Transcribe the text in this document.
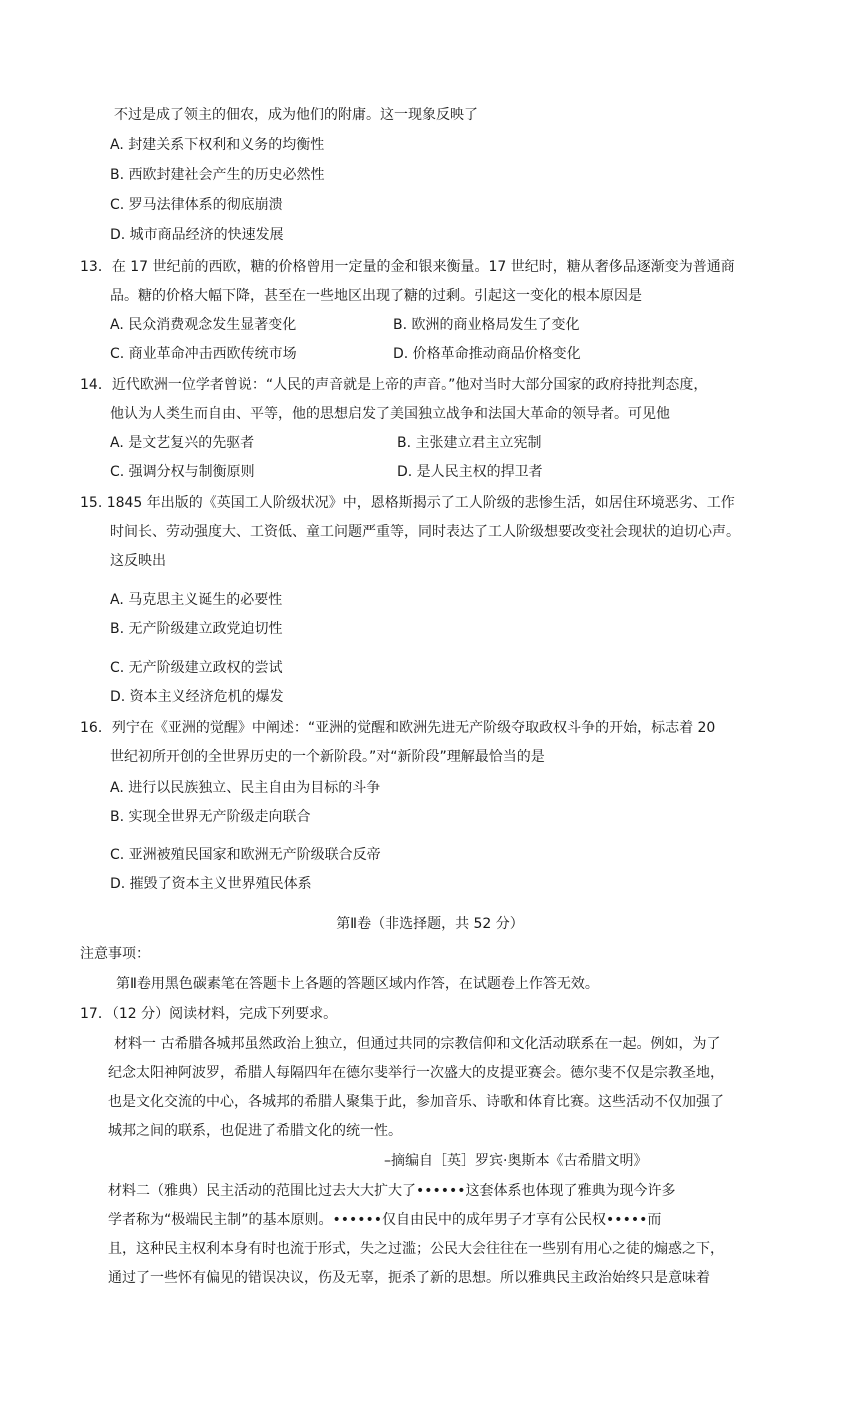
不过是成了领主的佃农，成为他们的附庸。这一现象反映了
A. 封建关系下权利和义务的均衡性
B. 西欧封建社会产生的历史必然性
C. 罗马法律体系的彻底崩溃
D. 城市商品经济的快速发展
13．在 17 世纪前的西欧，糖的价格曾用一定量的金和银来衡量。17 世纪时，糖从奢侈品逐渐变为普通商
品。糖的价格大幅下降，甚至在一些地区出现了糖的过剩。引起这一变化的根本原因是
A. 民众消费观念发生显著变化	B. 欧洲的商业格局发生了变化
C. 商业革命冲击西欧传统市场	D. 价格革命推动商品价格变化
14．近代欧洲一位学者曾说：“人民的声音就是上帝的声音。”他对当时大部分国家的政府持批判态度，
他认为人类生而自由、平等，他的思想启发了美国独立战争和法国大革命的领导者。可见他
A. 是文艺复兴的先驱者	B. 主张建立君主立宪制
C. 强调分权与制衡原则	D. 是人民主权的捍卫者
15. 1845 年出版的《英国工人阶级状况》中，恩格斯揭示了工人阶级的悲惨生活，如居住环境恶劣、工作
时间长、劳动强度大、工资低、童工问题严重等，同时表达了工人阶级想要改变社会现状的迫切心声。
这反映出
A. 马克思主义诞生的必要性
B. 无产阶级建立政党迫切性
C. 无产阶级建立政权的尝试
D. 资本主义经济危机的爆发
16．列宁在《亚洲的觉醒》中阐述：“亚洲的觉醒和欧洲先进无产阶级夺取政权斗争的开始，标志着 20
世纪初所开创的全世界历史的一个新阶段。”对“新阶段”理解最恰当的是
A. 进行以民族独立、民主自由为目标的斗争
B. 实现全世界无产阶级走向联合
C. 亚洲被殖民国家和欧洲无产阶级联合反帝
D. 摧毁了资本主义世界殖民体系
第Ⅱ卷（非选择题，共 52 分）
注意事项：
第Ⅱ卷用黑色碳素笔在答题卡上各题的答题区域内作答，在试题卷上作答无效。
17．（12 分）阅读材料，完成下列要求。
材料一 古希腊各城邦虽然政治上独立，但通过共同的宗教信仰和文化活动联系在一起。例如，为了
纪念太阳神阿波罗，希腊人每隔四年在德尔斐举行一次盛大的皮提亚赛会。德尔斐不仅是宗教圣地，
也是文化交流的中心，各城邦的希腊人聚集于此，参加音乐、诗歌和体育比赛。这些活动不仅加强了
城邦之间的联系，也促进了希腊文化的统一性。
–摘编自［英］罗宾·奥斯本《古希腊文明》
材料二（雅典）民主活动的范围比过去大大扩大了••••••这套体系也体现了雅典为现今许多
学者称为“极端民主制”的基本原则。••••••仅自由民中的成年男子才享有公民权•••••而
且，这种民主权利本身有时也流于形式，失之过滥；公民大会往往在一些别有用心之徒的煽惑之下，
通过了一些怀有偏见的错误决议，伤及无辜，扼杀了新的思想。所以雅典民主政治始终只是意味着
